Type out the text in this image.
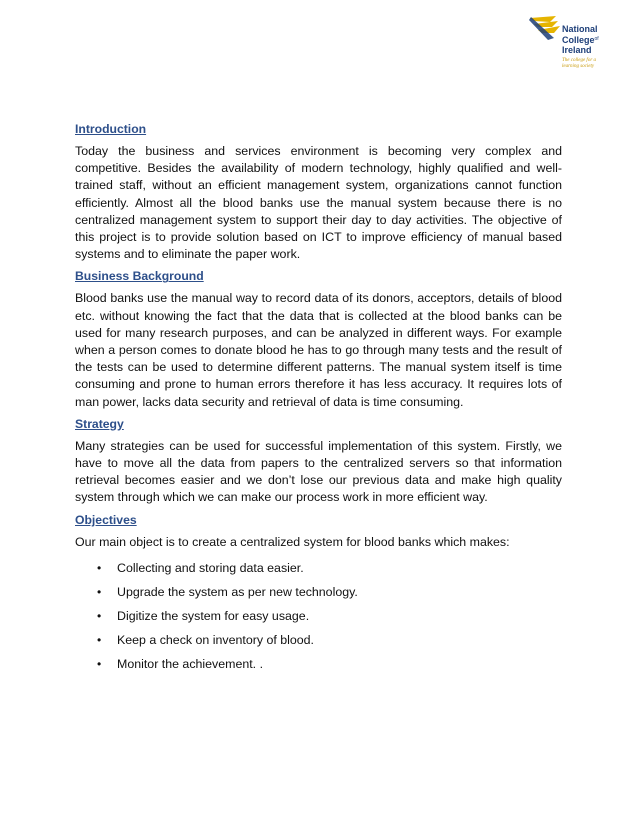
National
College$^{of}$
Ireland
The college for a learning society
Introduction

Today the business and services environment is becoming very complex and competitive. Besides the availability of modern technology, highly qualified and well-trained staff, without an efficient management system, organizations cannot function efficiently. Almost all the blood banks use the manual system because there is no centralized management system to support their day to day activities. The objective of this project is to provide solution based on ICT to improve efficiency of manual based systems and to eliminate the paper work.

Business Background

Blood banks use the manual way to record data of its donors, acceptors, details of blood etc. without knowing the fact that the data that is collected at the blood banks can be used for many research purposes, and can be analyzed in different ways. For example when a person comes to donate blood he has to go through many tests and the result of the tests can be used to determine different patterns. The manual system itself is time consuming and prone to human errors therefore it has less accuracy. It requires lots of man power, lacks data security and retrieval of data is time consuming.

Strategy

Many strategies can be used for successful implementation of this system. Firstly, we have to move all the data from papers to the centralized servers so that information retrieval becomes easier and we don’t lose our previous data and make high quality system through which we can make our process work in more efficient way.

Objectives

Our main object is to create a centralized system for blood banks which makes:

• Collecting and storing data easier.
• Upgrade the system as per new technology.
• Digitize the system for easy usage.
• Keep a check on inventory of blood.
• Monitor the achievement. .
